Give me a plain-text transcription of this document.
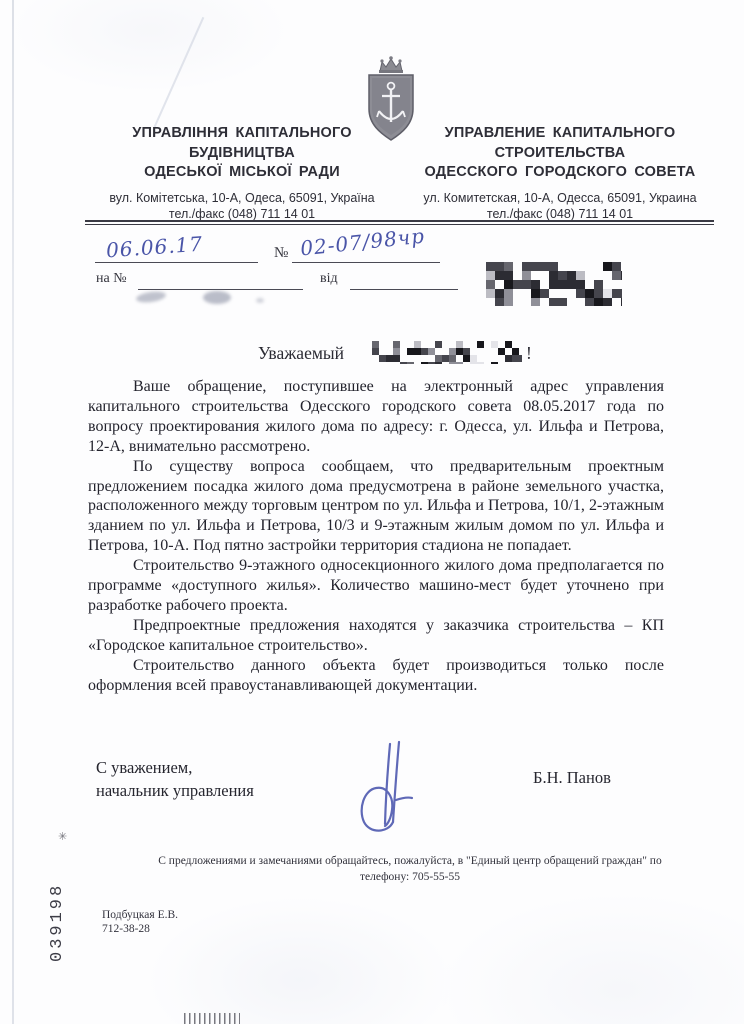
УПРАВЛІННЯ КАПІТАЛЬНОГО
БУДІВНИЦТВА
ОДЕСЬКОЇ МІСЬКОЇ РАДИ
вул. Комітетська, 10-А, Одеса, 65091, Україна
тел./факс (048) 711 14 01
УПРАВЛЕНИЕ КАПИТАЛЬНОГО
СТРОИТЕЛЬСТВА
ОДЕССКОГО ГОРОДСКОГО СОВЕТА
ул. Комитетская, 10-А, Одесса, 65091, Украина
тел./факс (048) 711 14 01
06.06.17	№ 02-07/98чр
на №	від
Уважаемый	!

Ваше обращение, поступившее на электронный адрес управления капитального строительства Одесского городского совета 08.05.2017 года по вопросу проектирования жилого дома по адресу: г. Одесса, ул. Ильфа и Петрова, 12-А, внимательно рассмотрено.

По существу вопроса сообщаем, что предварительным проектным предложением посадка жилого дома предусмотрена в районе земельного участка, расположенного между торговым центром по ул. Ильфа и Петрова, 10/1, 2-этажным зданием по ул. Ильфа и Петрова, 10/3 и 9-этажным жилым домом по ул. Ильфа и Петрова, 10-А. Под пятно застройки территория стадиона не попадает.

Строительство 9-этажного односекционного жилого дома предполагается по программе «доступного жилья». Количество машино-мест будет уточнено при разработке рабочего проекта.

Предпроектные предложения находятся у заказчика строительства – КП «Городское капитальное строительство».

Строительство данного объекта будет производиться только после оформления всей правоустанавливающей документации.

С уважением,
начальник управления
Б.Н. Панов
С предложениями и замечаниями обращайтесь, пожалуйста, в "Единый центр обращений граждан" по
телефону: 705-55-55
Подбуцкая Е.В.
712-38-28
✳
039198
